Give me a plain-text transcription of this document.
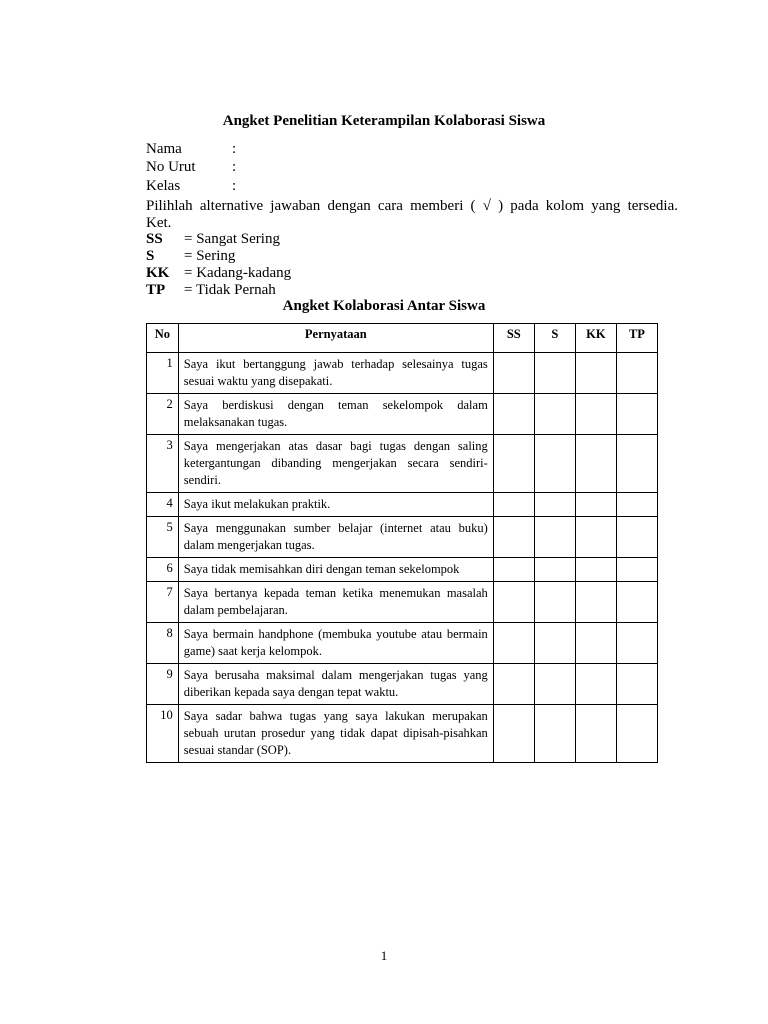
Angket Penelitian Keterampilan Kolaborasi Siswa
Nama	:
No Urut :
Kelas	:
Pilihlah alternative jawaban dengan cara memberi ( √ ) pada kolom yang tersedia.
Ket.
SS = Sangat Sering
S = Sering
KK = Kadang-kadang
TP = Tidak Pernah
Angket Kolaborasi Antar Siswa
No	Pernyataan	SS	S	KK	TP
1	Saya ikut bertanggung jawab terhadap selesainya tugas sesuai waktu yang disepakati.				
2	Saya berdiskusi dengan teman sekelompok dalam melaksanakan tugas.				
3	Saya mengerjakan atas dasar bagi tugas dengan saling ketergantungan dibanding mengerjakan secara sendiri-sendiri.				
4	Saya ikut melakukan praktik.				
5	Saya menggunakan sumber belajar (internet atau buku) dalam mengerjakan tugas.				
6	Saya tidak memisahkan diri dengan teman sekelompok				
7	Saya bertanya kepada teman ketika menemukan masalah dalam pembelajaran.				
8	Saya bermain handphone (membuka youtube atau bermain game) saat kerja kelompok.				
9	Saya berusaha maksimal dalam mengerjakan tugas yang diberikan kepada saya dengan tepat waktu.				
10	Saya sadar bahwa tugas yang saya lakukan merupakan sebuah urutan prosedur yang tidak dapat dipisah-pisahkan sesuai standar (SOP).				
1
